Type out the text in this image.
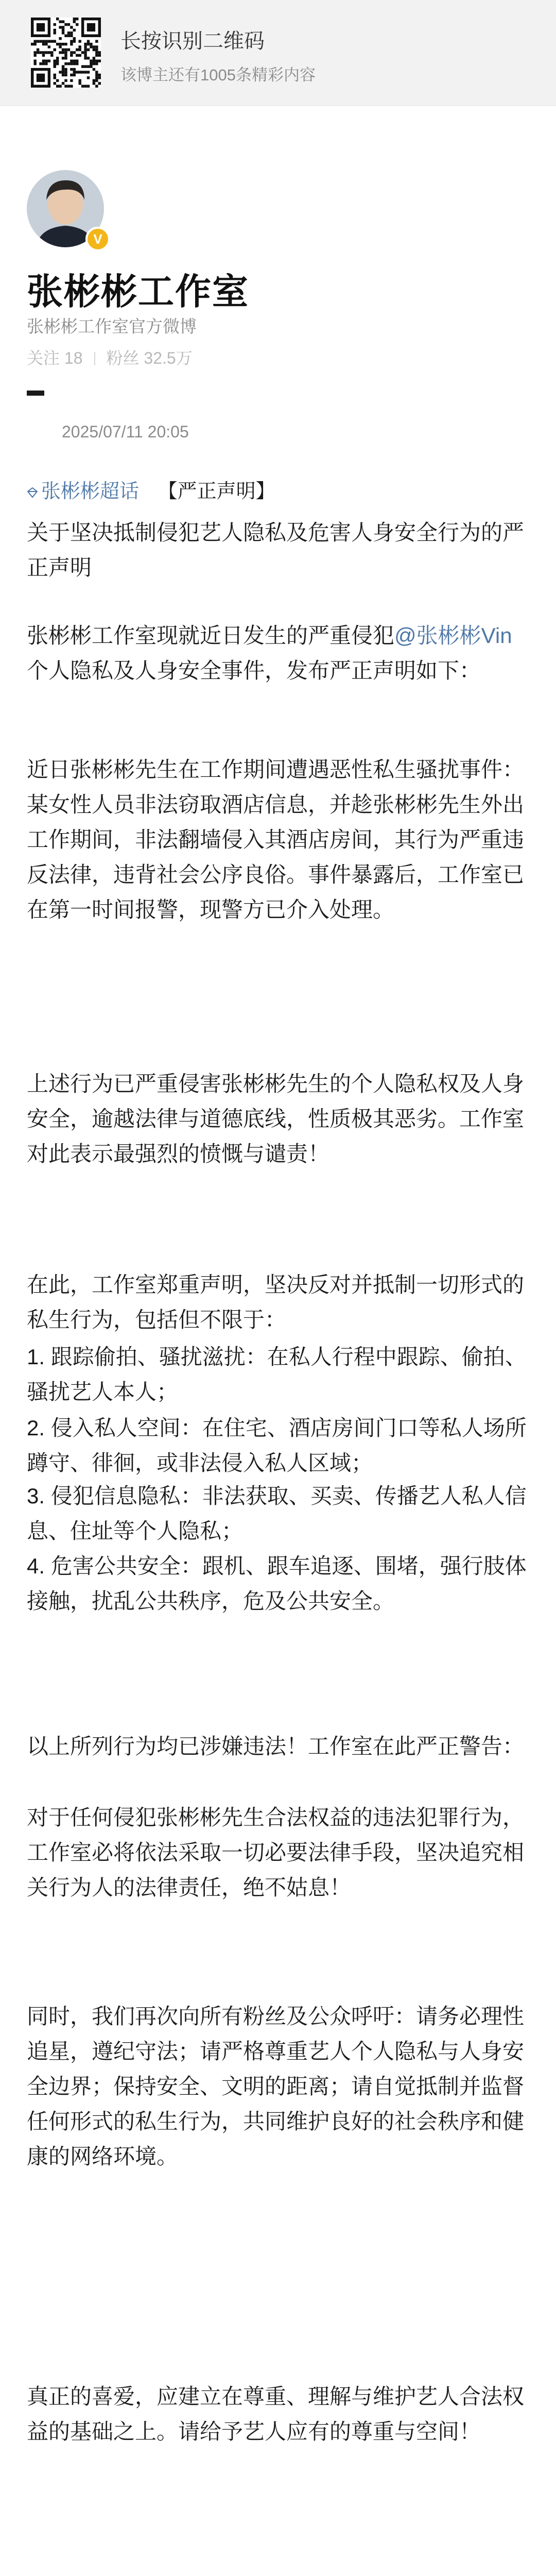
长按识别二维码
该博主还有1005条精彩内容
V
张彬彬工作室
张彬彬工作室官方微博
关注 18 粉丝 32.5万
2025/07/11 20:05
张彬彬超话 【严正声明】

关于坚决抵制侵犯艺人隐私及危害人身安全行为的严正声明

张彬彬工作室现就近日发生的严重侵犯@张彬彬Vin 个人隐私及人身安全事件，发布严正声明如下：

近日张彬彬先生在工作期间遭遇恶性私生骚扰事件：某女性人员非法窃取酒店信息，并趁张彬彬先生外出工作期间，非法翻墙侵入其酒店房间，其行为严重违反法律，违背社会公序良俗。事件暴露后，工作室已在第一时间报警，现警方已介入处理。

上述行为已严重侵害张彬彬先生的个人隐私权及人身安全，逾越法律与道德底线，性质极其恶劣。工作室对此表示最强烈的愤慨与谴责！

在此，工作室郑重声明，坚决反对并抵制一切形式的私生行为，包括但不限于：

1. 跟踪偷拍、骚扰滋扰：在私人行程中跟踪、偷拍、骚扰艺人本人；

2. 侵入私人空间：在住宅、酒店房间门口等私人场所蹲守、徘徊，或非法侵入私人区域；

3. 侵犯信息隐私：非法获取、买卖、传播艺人私人信息、住址等个人隐私；

4. 危害公共安全：跟机、跟车追逐、围堵，强行肢体接触，扰乱公共秩序，危及公共安全。

以上所列行为均已涉嫌违法！工作室在此严正警告：

对于任何侵犯张彬彬先生合法权益的违法犯罪行为，工作室必将依法采取一切必要法律手段，坚决追究相关行为人的法律责任，绝不姑息！

同时，我们再次向所有粉丝及公众呼吁：请务必理性追星，遵纪守法；请严格尊重艺人个人隐私与人身安全边界；保持安全、文明的距离；请自觉抵制并监督任何形式的私生行为，共同维护良好的社会秩序和健康的网络环境。

真正的喜爱，应建立在尊重、理解与维护艺人合法权益的基础之上。请给予艺人应有的尊重与空间！
